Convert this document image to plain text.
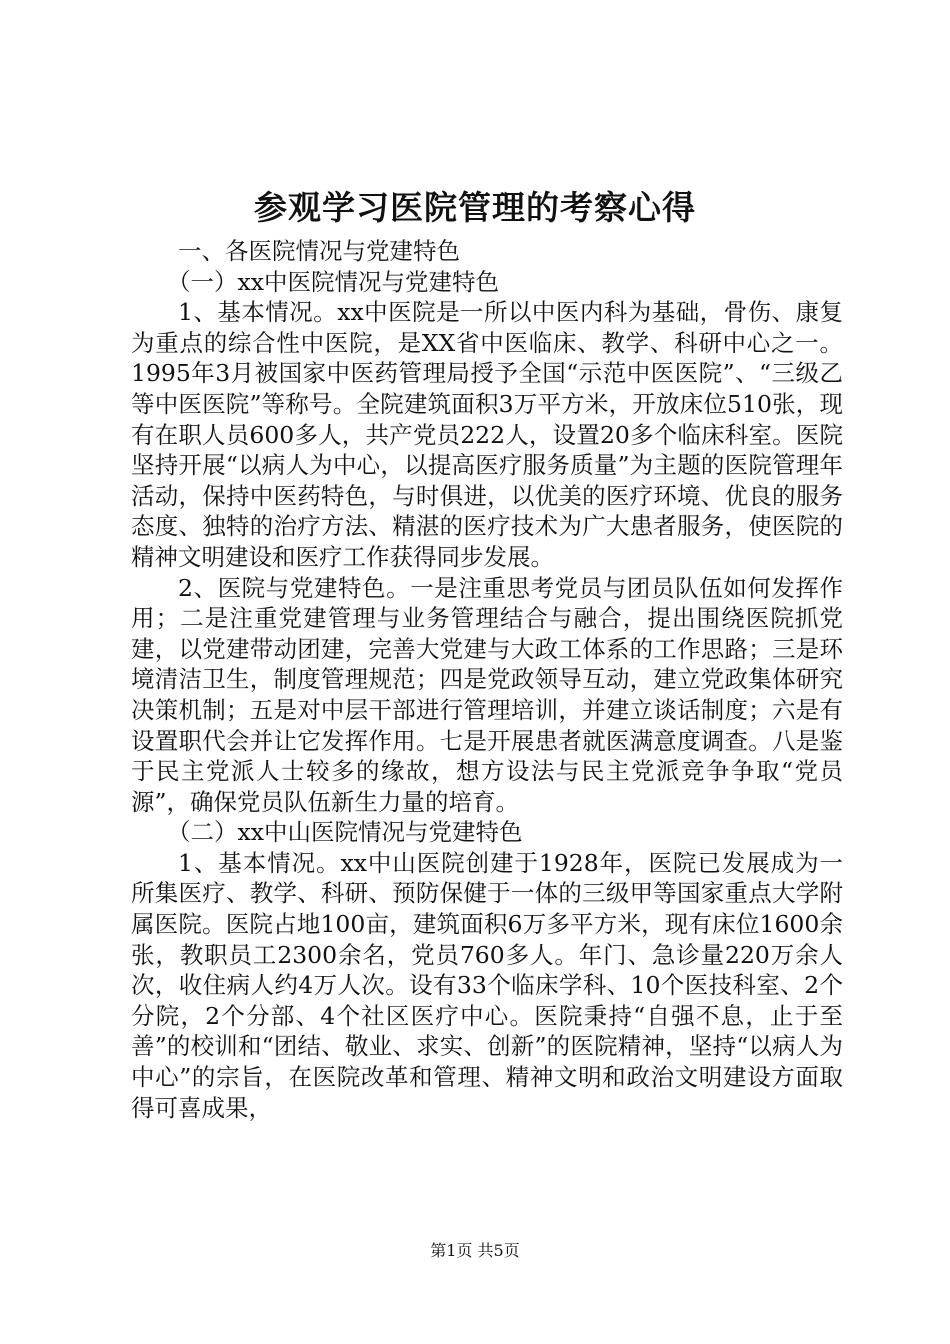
参观学习医院管理的考察心得

一、各医院情况与党建特色

（一）xx中医院情况与党建特色

1、基本情况。xx中医院是一所以中医内科为基础，骨伤、康复为重点的综合性中医院，是XX省中医临床、教学、科研中心之一。1995年3月被国家中医药管理局授予全国“示范中医医院”、“三级乙等中医医院”等称号。全院建筑面积3万平方米，开放床位510张，现有在职人员600多人，共产党员222人，设置20多个临床科室。医院坚持开展“以病人为中心，以提高医疗服务质量”为主题的医院管理年活动，保持中医药特色，与时俱进，以优美的医疗环境、优良的服务态度、独特的治疗方法、精湛的医疗技术为广大患者服务，使医院的精神文明建设和医疗工作获得同步发展。

2、医院与党建特色。一是注重思考党员与团员队伍如何发挥作用；二是注重党建管理与业务管理结合与融合，提出围绕医院抓党建，以党建带动团建，完善大党建与大政工体系的工作思路；三是环境清洁卫生，制度管理规范；四是党政领导互动，建立党政集体研究决策机制；五是对中层干部进行管理培训，并建立谈话制度；六是有设置职代会并让它发挥作用。七是开展患者就医满意度调查。八是鉴于民主党派人士较多的缘故，想方设法与民主党派竞争争取“党员源”，确保党员队伍新生力量的培育。

（二）xx中山医院情况与党建特色

1、基本情况。xx中山医院创建于1928年，医院已发展成为一所集医疗、教学、科研、预防保健于一体的三级甲等国家重点大学附属医院。医院占地100亩，建筑面积6万多平方米，现有床位1600余张，教职员工2300余名，党员760多人。年门、急诊量220万余人次，收住病人约4万人次。设有33个临床学科、10个医技科室、2个分院，2个分部、4个社区医疗中心。医院秉持“自强不息，止于至善”的校训和“团结、敬业、求实、创新”的医院精神，坚持“以病人为中心”的宗旨，在医院改革和管理、精神文明和政治文明建设方面取得可喜成果，

第1页 共5页
